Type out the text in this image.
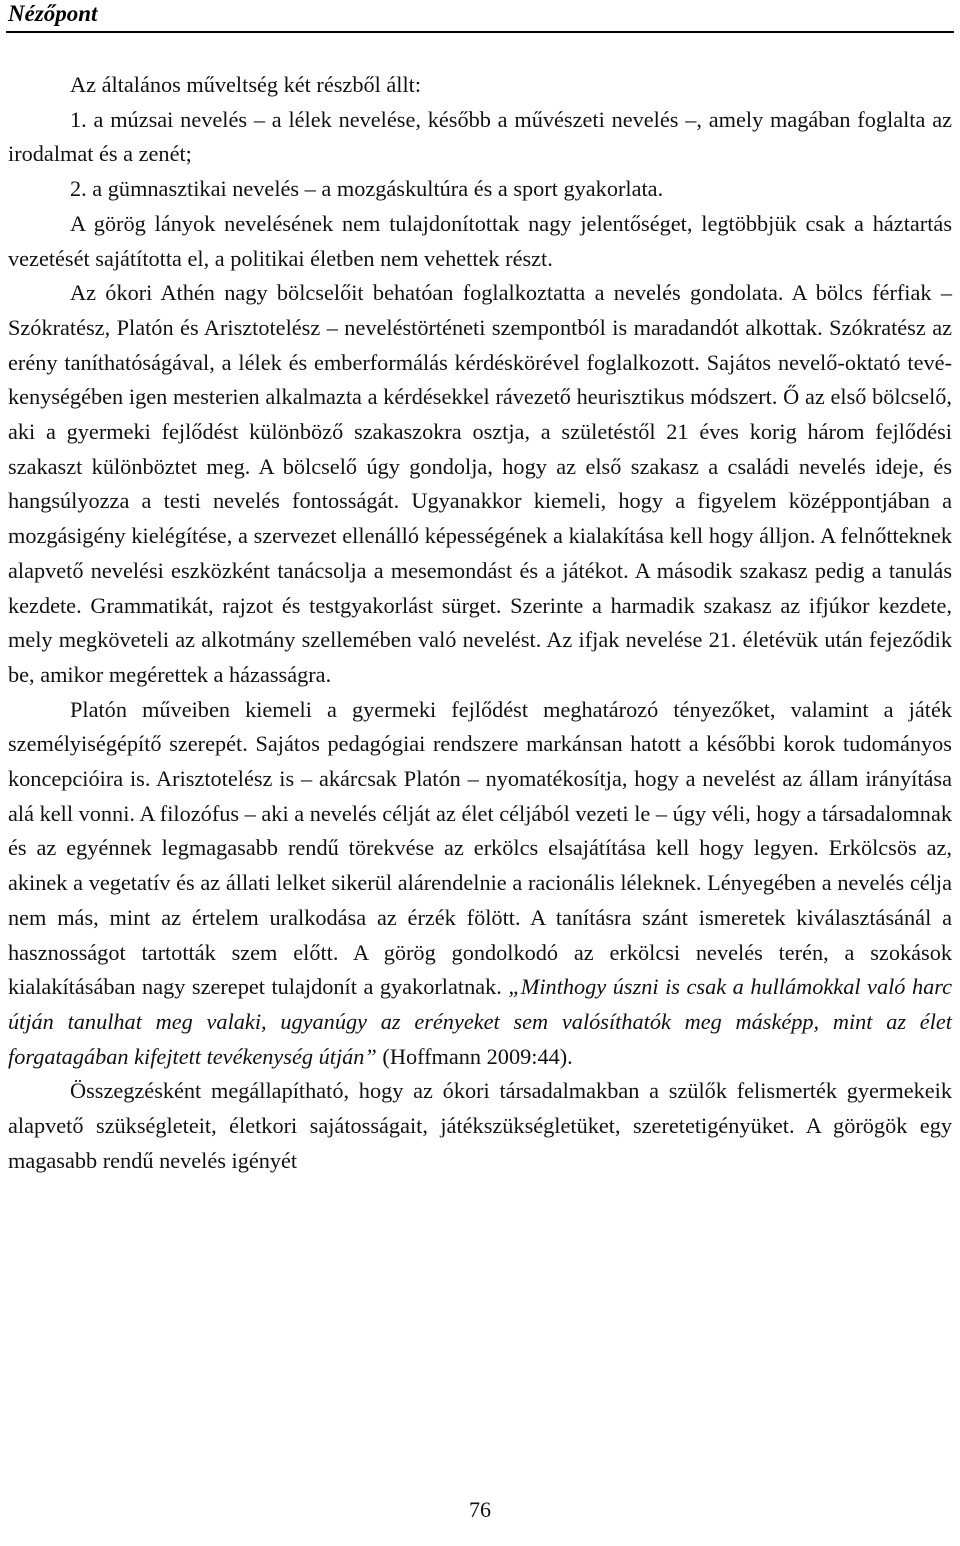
Nézőpont

Az általános műveltség két részből állt:

1. a múzsai nevelés – a lélek nevelése, később a művészeti nevelés –, amely magában foglalta az irodalmat és a zenét;

2. a gümnasztikai nevelés – a mozgáskultúra és a sport gyakorlata.

A görög lányok nevelésének nem tulajdonítottak nagy jelentőséget, legtöbbjük csak a háztartás vezetését sajátította el, a politikai életben nem vehettek részt.

Az ókori Athén nagy bölcselőit behatóan foglalkoztatta a nevelés gondolata. A bölcs férfiak – Szókratész, Platón és Arisztotelész – neveléstörténeti szempontból is maradandót alkottak. Szókratész az erény taníthatóságával, a lélek és emberformálás kérdéskörével foglalkozott. Sajátos nevelő-oktató tevékenységében igen mesterien alkalmazta a kérdésekkel rávezető heurisztikus módszert. Ő az első bölcselő, aki a gyermeki fejlődést különböző szakaszokra osztja, a születéstől 21 éves korig három fejlődési szakaszt különböztet meg. A bölcselő úgy gondolja, hogy az első szakasz a családi nevelés ideje, és hangsúlyozza a testi nevelés fontosságát. Ugyanakkor kiemeli, hogy a figyelem középpontjában a mozgásigény kielégítése, a szervezet ellenálló képességének a kialakítása kell hogy álljon. A felnőtteknek alapvető nevelési eszközként tanácsolja a mesemondást és a játékot. A második szakasz pedig a tanulás kezdete. Grammatikát, rajzot és testgyakorlást sürget. Szerinte a harmadik szakasz az ifjúkor kezdete, mely megköveteli az alkotmány szellemében való nevelést. Az ifjak nevelése 21. életévük után fejeződik be, amikor megérettek a házasságra.

Platón műveiben kiemeli a gyermeki fejlődést meghatározó tényezőket, valamint a játék személyiségépítő szerepét. Sajátos pedagógiai rendszere markánsan hatott a későbbi korok tudományos koncepcióira is. Arisztotelész is – akárcsak Platón – nyomatékosítja, hogy a nevelést az állam irányítása alá kell vonni. A filozófus – aki a nevelés célját az élet céljából vezeti le – úgy véli, hogy a társadalomnak és az egyénnek legmagasabb rendű törekvése az erkölcs elsajátítása kell hogy legyen. Erkölcsös az, akinek a vegetatív és az állati lelket sikerül alárendelnie a racionális léleknek. Lényegében a nevelés célja nem más, mint az értelem uralkodása az érzék fölött. A tanításra szánt ismeretek kiválasztásánál a hasznosságot tartották szem előtt. A görög gondolkodó az erkölcsi nevelés terén, a szokások kialakításában nagy szerepet tulajdonít a gyakorlatnak. „Minthogy úszni is csak a hullámokkal való harc útján tanulhat meg valaki, ugyanúgy az erényeket sem valósíthatók meg másképp, mint az élet forgatagában kifejtett tevékenység útján” (Hoffmann 2009:44).

Összegzésként megállapítható, hogy az ókori társadalmakban a szülők felismerték gyermekeik alapvető szükségleteit, életkori sajátosságait, játékszükségletüket, szeretetigényüket. A görögök egy magasabb rendű nevelés igényét

76
